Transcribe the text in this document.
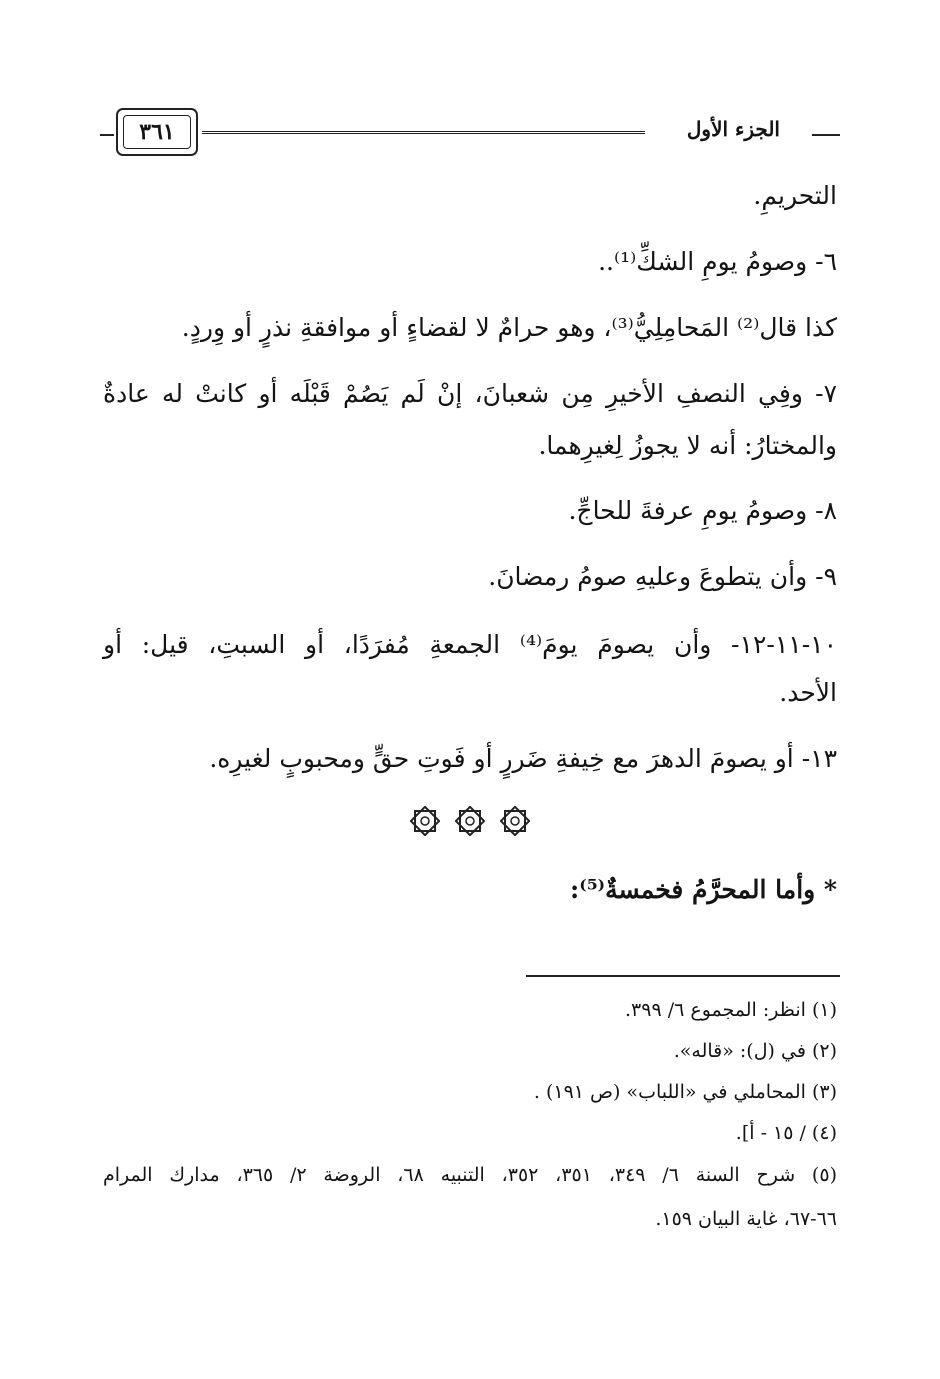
الجزء الأول
٣٦١
التحريمِ.
٦- وصومُ يومِ الشكِّ⁽¹⁾..
كذا قال⁽²⁾ المَحامِلِيُّ⁽³⁾، وهو حرامٌ لا لقضاءٍ أو موافقةِ نذرٍ أو وِردٍ.
٧- وفِي النصفِ الأخيرِ مِن شعبانَ، إنْ لَم يَصُمْ قَبْلَه أو كانتْ له عادةٌ
والمختارُ: أنه لا يجوزُ لِغيرِهما.
٨- وصومُ يومِ عرفةَ للحاجِّ.
٩- وأن يتطوعَ وعليهِ صومُ رمضانَ.
١٠-١١-١٢- وأن يصومَ يومَ⁽⁴⁾ الجمعةِ مُفرَدًا، أو السبتِ، قيل: أو
الأحد.
١٣- أو يصومَ الدهرَ مع خِيفةِ ضَررٍ أو فَوتِ حقٍّ ومحبوبٍ لغيرِه.

* وأما المحرَّمُ فخمسةٌ⁽⁵⁾:
(١) انظر: المجموع ٦/ ٣٩٩.
(٢) في (ل): «قاله».
(٣) المحاملي في «اللباب» (ص ١٩١) .
(٤) / ١٥ - أ].
(٥) شرح السنة ٦/ ٣٤٩، ٣٥١، ٣٥٢، التنبيه ٦٨، الروضة ٢/ ٣٦٥، مدارك المرام
٦٦-٦٧، غاية البيان ١٥٩.
